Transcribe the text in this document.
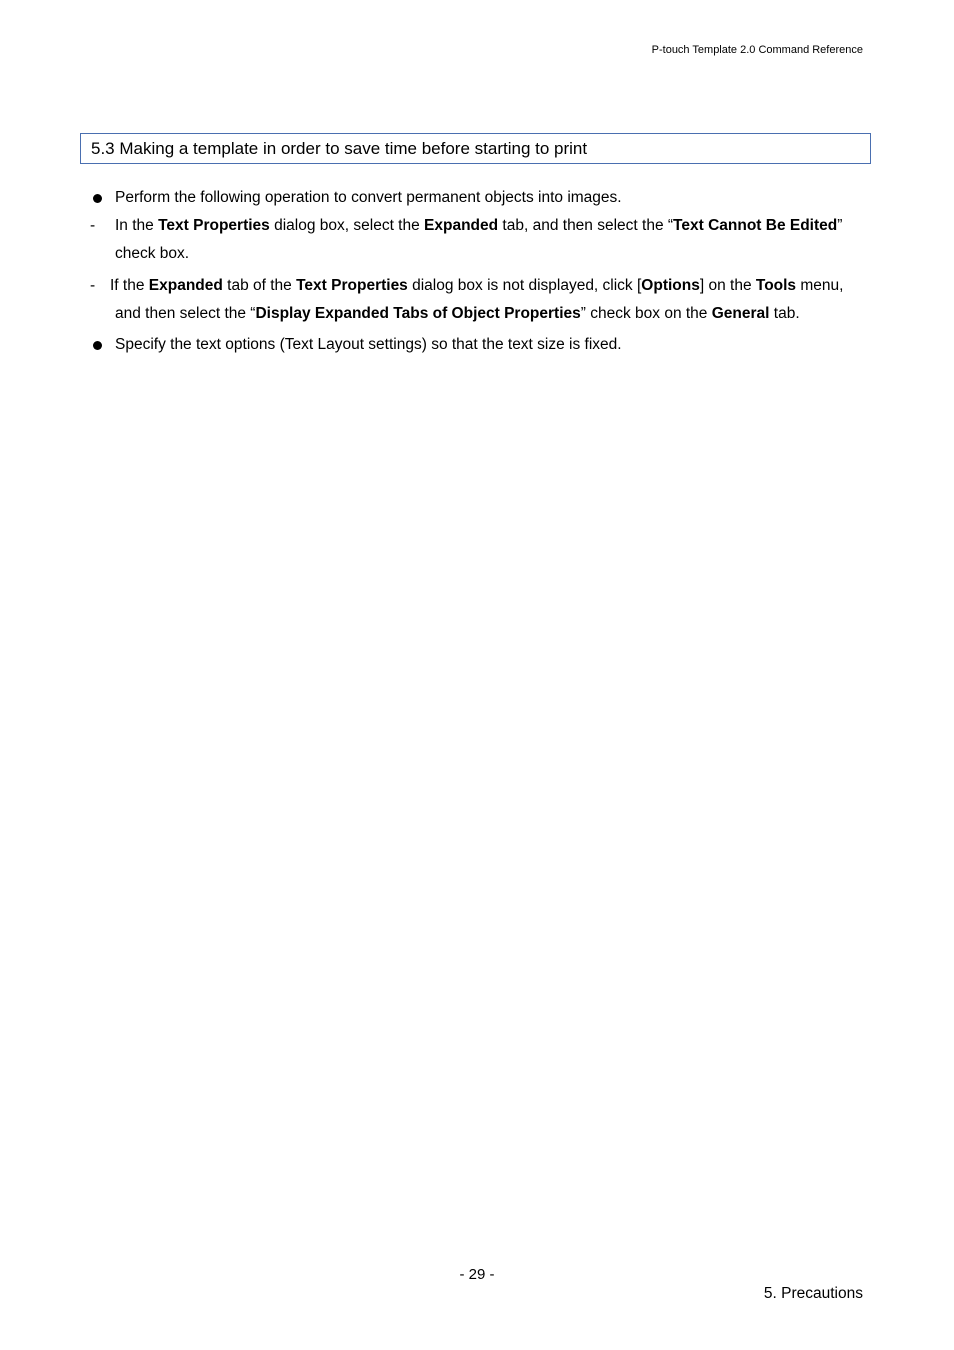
P-touch Template 2.0 Command Reference
5.3 Making a template in order to save time before starting to print
Perform the following operation to convert permanent objects into images.
- In the Text Properties dialog box, select the Expanded tab, and then select the “Text Cannot Be Edited”
check box.
- If the Expanded tab of the Text Properties dialog box is not displayed, click [Options] on the Tools menu,
and then select the “Display Expanded Tabs of Object Properties” check box on the General tab.
Specify the text options (Text Layout settings) so that the text size is fixed.
- 29 -
5. Precautions
